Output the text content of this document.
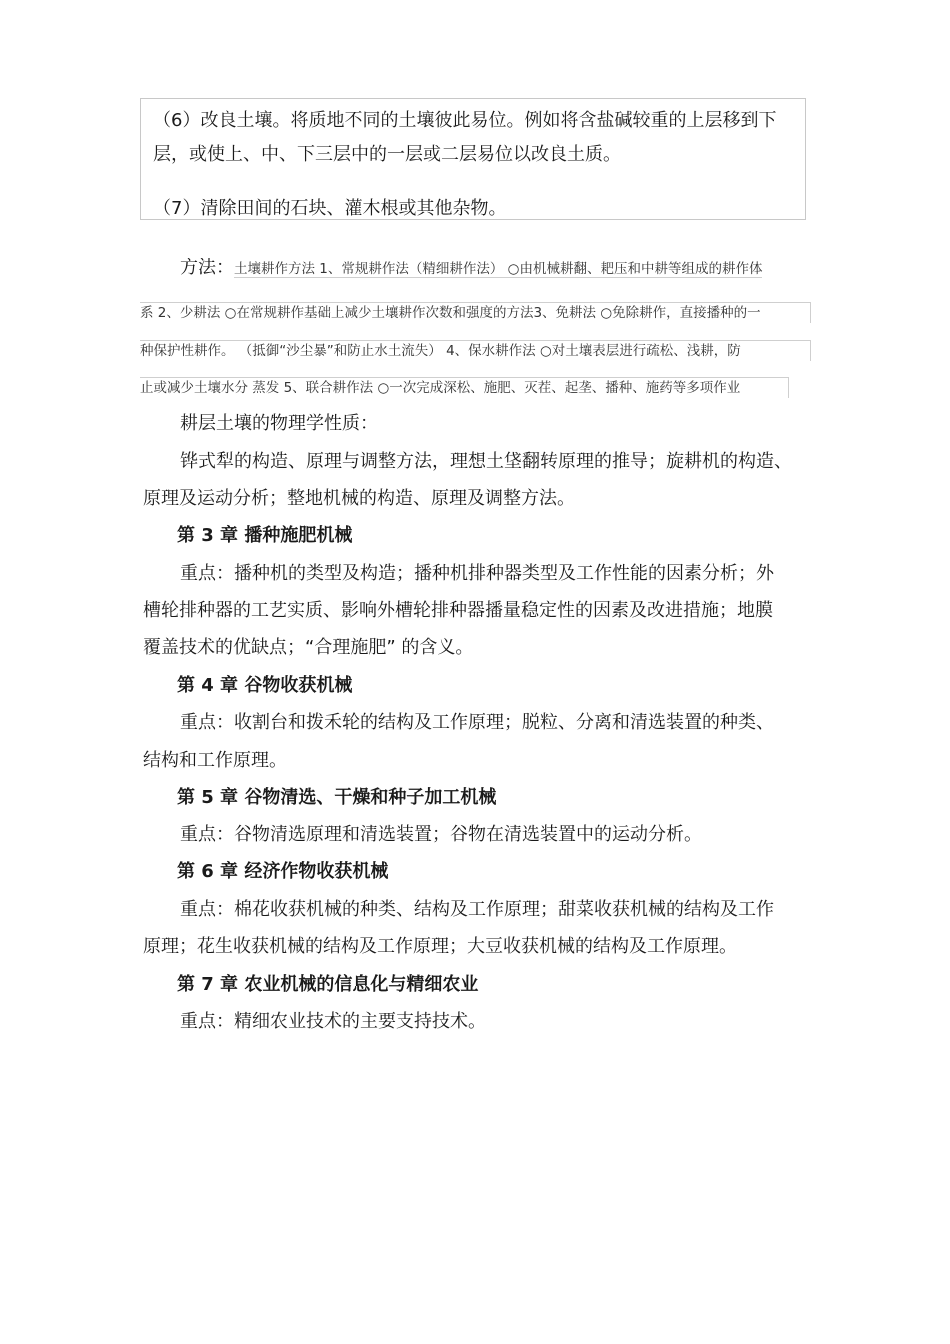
（6）改良土壤。将质地不同的土壤彼此易位。例如将含盐碱较重的上层移到下
层，或使上、中、下三层中的一层或二层易位以改良土质。
（7）清除田间的石块、灌木根或其他杂物。
方法：土壤耕作方法 1、常规耕作法（精细耕作法） ○由机械耕翻、耙压和中耕等组成的耕作体
系 2、少耕法 ○在常规耕作基础上减少土壤耕作次数和强度的方法3、免耕法 ○免除耕作，直接播种的一
种保护性耕作。 （抵御“沙尘暴”和防止水土流失） 4、保水耕作法 ○对土壤表层进行疏松、浅耕，防
止或减少土壤水分 蒸发 5、联合耕作法 ○一次完成深松、施肥、灭茬、起垄、播种、施药等多项作业
耕层土壤的物理学性质：
铧式犁的构造、原理与调整方法，理想土垡翻转原理的推导；旋耕机的构造、
原理及运动分析；整地机械的构造、原理及调整方法。
第 3 章 播种施肥机械
重点：播种机的类型及构造；播种机排种器类型及工作性能的因素分析；外
槽轮排种器的工艺实质、影响外槽轮排种器播量稳定性的因素及改进措施；地膜
覆盖技术的优缺点；“合理施肥” 的含义。
第 4 章 谷物收获机械
重点：收割台和拨禾轮的结构及工作原理；脱粒、分离和清选装置的种类、
结构和工作原理。
第 5 章 谷物清选、干燥和种子加工机械
重点：谷物清选原理和清选装置；谷物在清选装置中的运动分析。
第 6 章 经济作物收获机械
重点：棉花收获机械的种类、结构及工作原理；甜菜收获机械的结构及工作
原理；花生收获机械的结构及工作原理；大豆收获机械的结构及工作原理。
第 7 章 农业机械的信息化与精细农业
重点：精细农业技术的主要支持技术。
